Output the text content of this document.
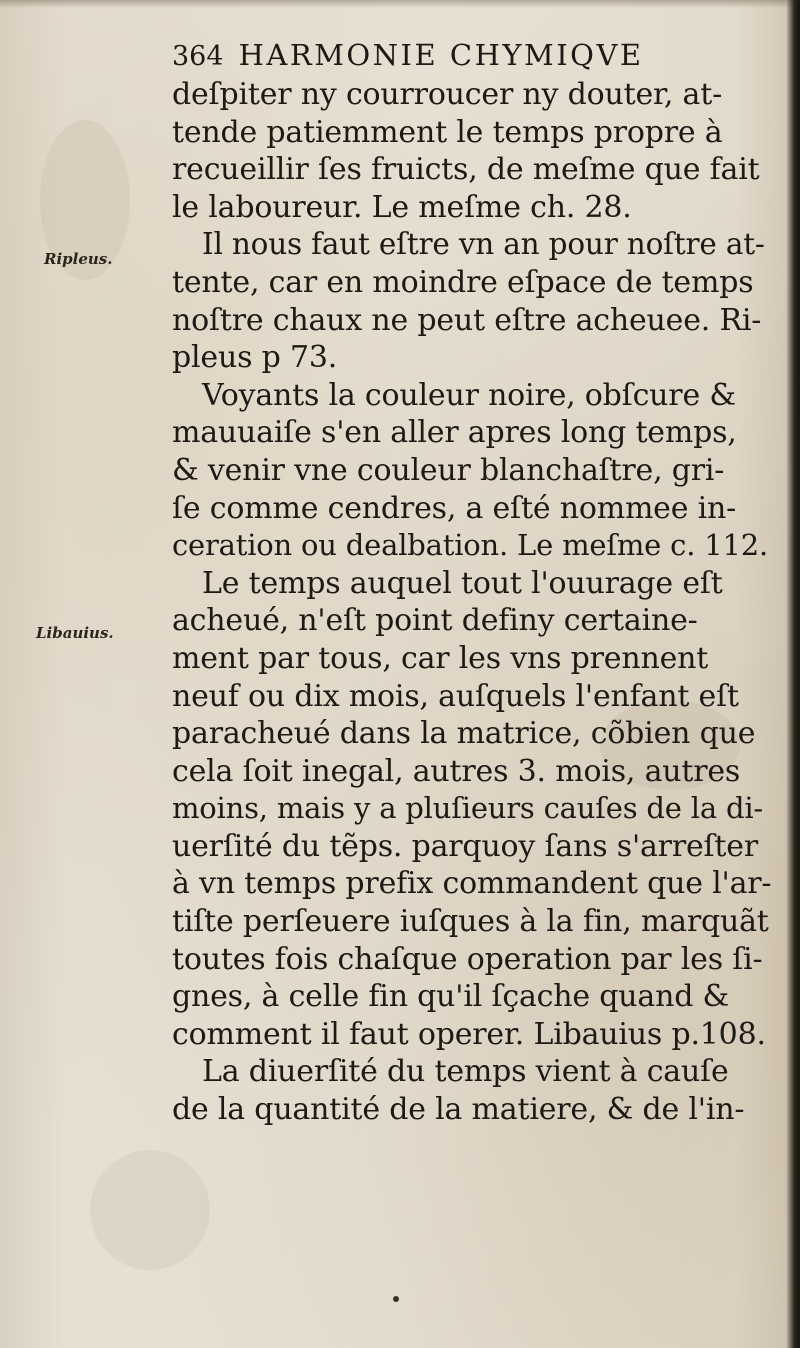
364 HARMONIE CHYMIQVE
Ripleus.
Libauius.
deſpiter ny courroucer ny douter, at-
tende patiemment le temps propre à
recueillir ſes fruicts, de meſme que fait
le laboureur. Le meſme ch. 28.
Il nous faut eſtre vn an pour noſtre at-
tente, car en moindre eſpace de temps
noſtre chaux ne peut eſtre acheuee. Ri-
pleus p 73.
Voyants la couleur noire, obſcure &
mauuaiſe s'en aller apres long temps,
& venir vne couleur blanchaſtre, gri-
ſe comme cendres, a eſté nommee in-
ceration ou dealbation. Le meſme c. 112.
Le temps auquel tout l'ouurage eſt
acheué, n'eſt point definy certaine-
ment par tous, car les vns prennent
neuf ou dix mois, auſquels l'enfant eſt
paracheué dans la matrice, cõbien que
cela ſoit inegal, autres 3. mois, autres
moins, mais y a pluſieurs cauſes de la di-
uerſité du tẽps. parquoy ſans s'arreſter
à vn temps prefix commandent que l'ar-
tiſte perſeuere iuſques à la fin, marquãt
toutes fois chaſque operation par les ſi-
gnes, à celle fin qu'il ſçache quand &
comment il faut operer. Libauius p.108.
La diuerſité du temps vient à cauſe
de la quantité de la matiere, & de l'in-
